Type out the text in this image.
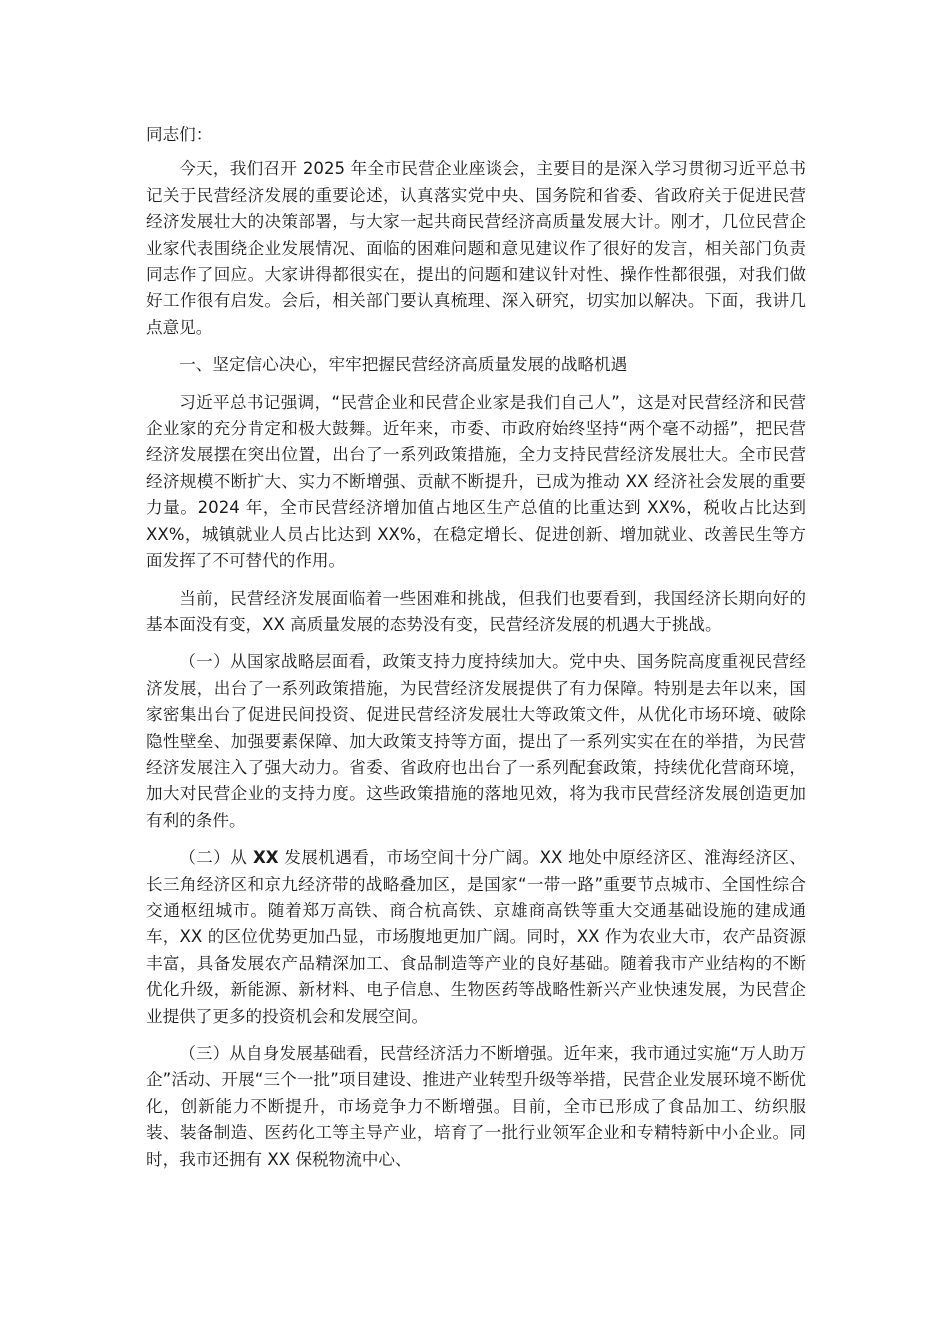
同志们：

今天，我们召开 2025 年全市民营企业座谈会，主要目的是深入学习贯彻习近平总书记关于民营经济发展的重要论述，认真落实党中央、国务院和省委、省政府关于促进民营经济发展壮大的决策部署，与大家一起共商民营经济高质量发展大计。刚才，几位民营企业家代表围绕企业发展情况、面临的困难问题和意见建议作了很好的发言，相关部门负责同志作了回应。大家讲得都很实在，提出的问题和建议针对性、操作性都很强，对我们做好工作很有启发。会后，相关部门要认真梳理、深入研究，切实加以解决。下面，我讲几点意见。

一、坚定信心决心，牢牢把握民营经济高质量发展的战略机遇

习近平总书记强调，“民营企业和民营企业家是我们自己人”，这是对民营经济和民营企业家的充分肯定和极大鼓舞。近年来，市委、市政府始终坚持“两个毫不动摇”，把民营经济发展摆在突出位置，出台了一系列政策措施，全力支持民营经济发展壮大。全市民营经济规模不断扩大、实力不断增强、贡献不断提升，已成为推动 XX 经济社会发展的重要力量。2024 年，全市民营经济增加值占地区生产总值的比重达到 XX%，税收占比达到 XX%，城镇就业人员占比达到 XX%，在稳定增长、促进创新、增加就业、改善民生等方面发挥了不可替代的作用。

当前，民营经济发展面临着一些困难和挑战，但我们也要看到，我国经济长期向好的基本面没有变，XX 高质量发展的态势没有变，民营经济发展的机遇大于挑战。

（一）从国家战略层面看，政策支持力度持续加大。党中央、国务院高度重视民营经济发展，出台了一系列政策措施，为民营经济发展提供了有力保障。特别是去年以来，国家密集出台了促进民间投资、促进民营经济发展壮大等政策文件，从优化市场环境、破除隐性壁垒、加强要素保障、加大政策支持等方面，提出了一系列实实在在的举措，为民营经济发展注入了强大动力。省委、省政府也出台了一系列配套政策，持续优化营商环境，加大对民营企业的支持力度。这些政策措施的落地见效，将为我市民营经济发展创造更加有利的条件。

（二）从 XX 发展机遇看，市场空间十分广阔。XX 地处中原经济区、淮海经济区、长三角经济区和京九经济带的战略叠加区，是国家“一带一路”重要节点城市、全国性综合交通枢纽城市。随着郑万高铁、商合杭高铁、京雄商高铁等重大交通基础设施的建成通车，XX 的区位优势更加凸显，市场腹地更加广阔。同时，XX 作为农业大市，农产品资源丰富，具备发展农产品精深加工、食品制造等产业的良好基础。随着我市产业结构的不断优化升级，新能源、新材料、电子信息、生物医药等战略性新兴产业快速发展，为民营企业提供了更多的投资机会和发展空间。

（三）从自身发展基础看，民营经济活力不断增强。近年来，我市通过实施“万人助万企”活动、开展“三个一批”项目建设、推进产业转型升级等举措，民营企业发展环境不断优化，创新能力不断提升，市场竞争力不断增强。目前，全市已形成了食品加工、纺织服装、装备制造、医药化工等主导产业，培育了一批行业领军企业和专精特新中小企业。同时，我市还拥有 XX 保税物流中心、
